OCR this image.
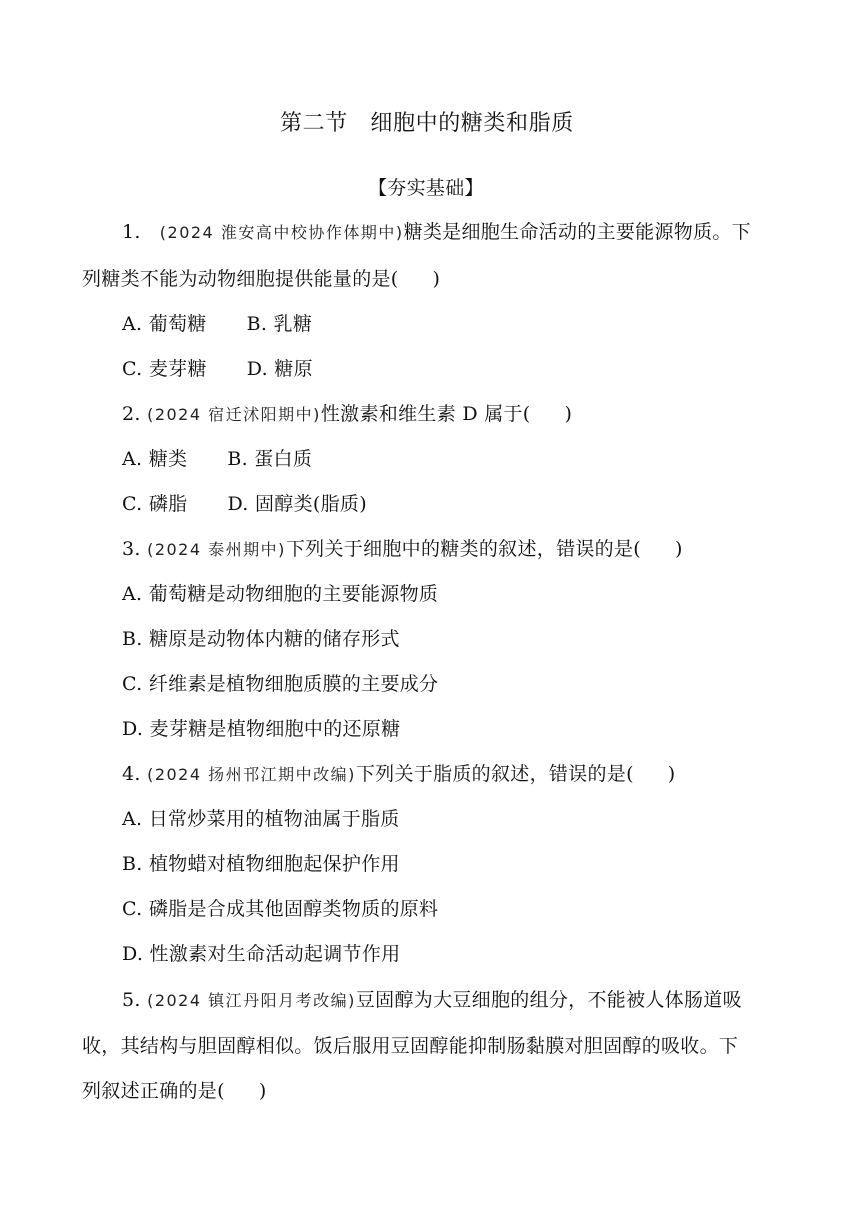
第二节　细胞中的糖类和脂质
【夯实基础】
1. (2024 淮安高中校协作体期中)糖类是细胞生命活动的主要能源物质。下
列糖类不能为动物细胞提供能量的是( )
A. 葡萄糖 B. 乳糖
C. 麦芽糖 D. 糖原
2. (2024 宿迁沭阳期中)性激素和维生素 D 属于( )
A. 糖类 B. 蛋白质
C. 磷脂 D. 固醇类(脂质)
3. (2024 泰州期中)下列关于细胞中的糖类的叙述，错误的是( )
A. 葡萄糖是动物细胞的主要能源物质
B. 糖原是动物体内糖的储存形式
C. 纤维素是植物细胞质膜的主要成分
D. 麦芽糖是植物细胞中的还原糖
4. (2024 扬州邗江期中改编)下列关于脂质的叙述，错误的是( )
A. 日常炒菜用的植物油属于脂质
B. 植物蜡对植物细胞起保护作用
C. 磷脂是合成其他固醇类物质的原料
D. 性激素对生命活动起调节作用
5. (2024 镇江丹阳月考改编)豆固醇为大豆细胞的组分，不能被人体肠道吸
收，其结构与胆固醇相似。饭后服用豆固醇能抑制肠黏膜对胆固醇的吸收。下
列叙述正确的是( )
